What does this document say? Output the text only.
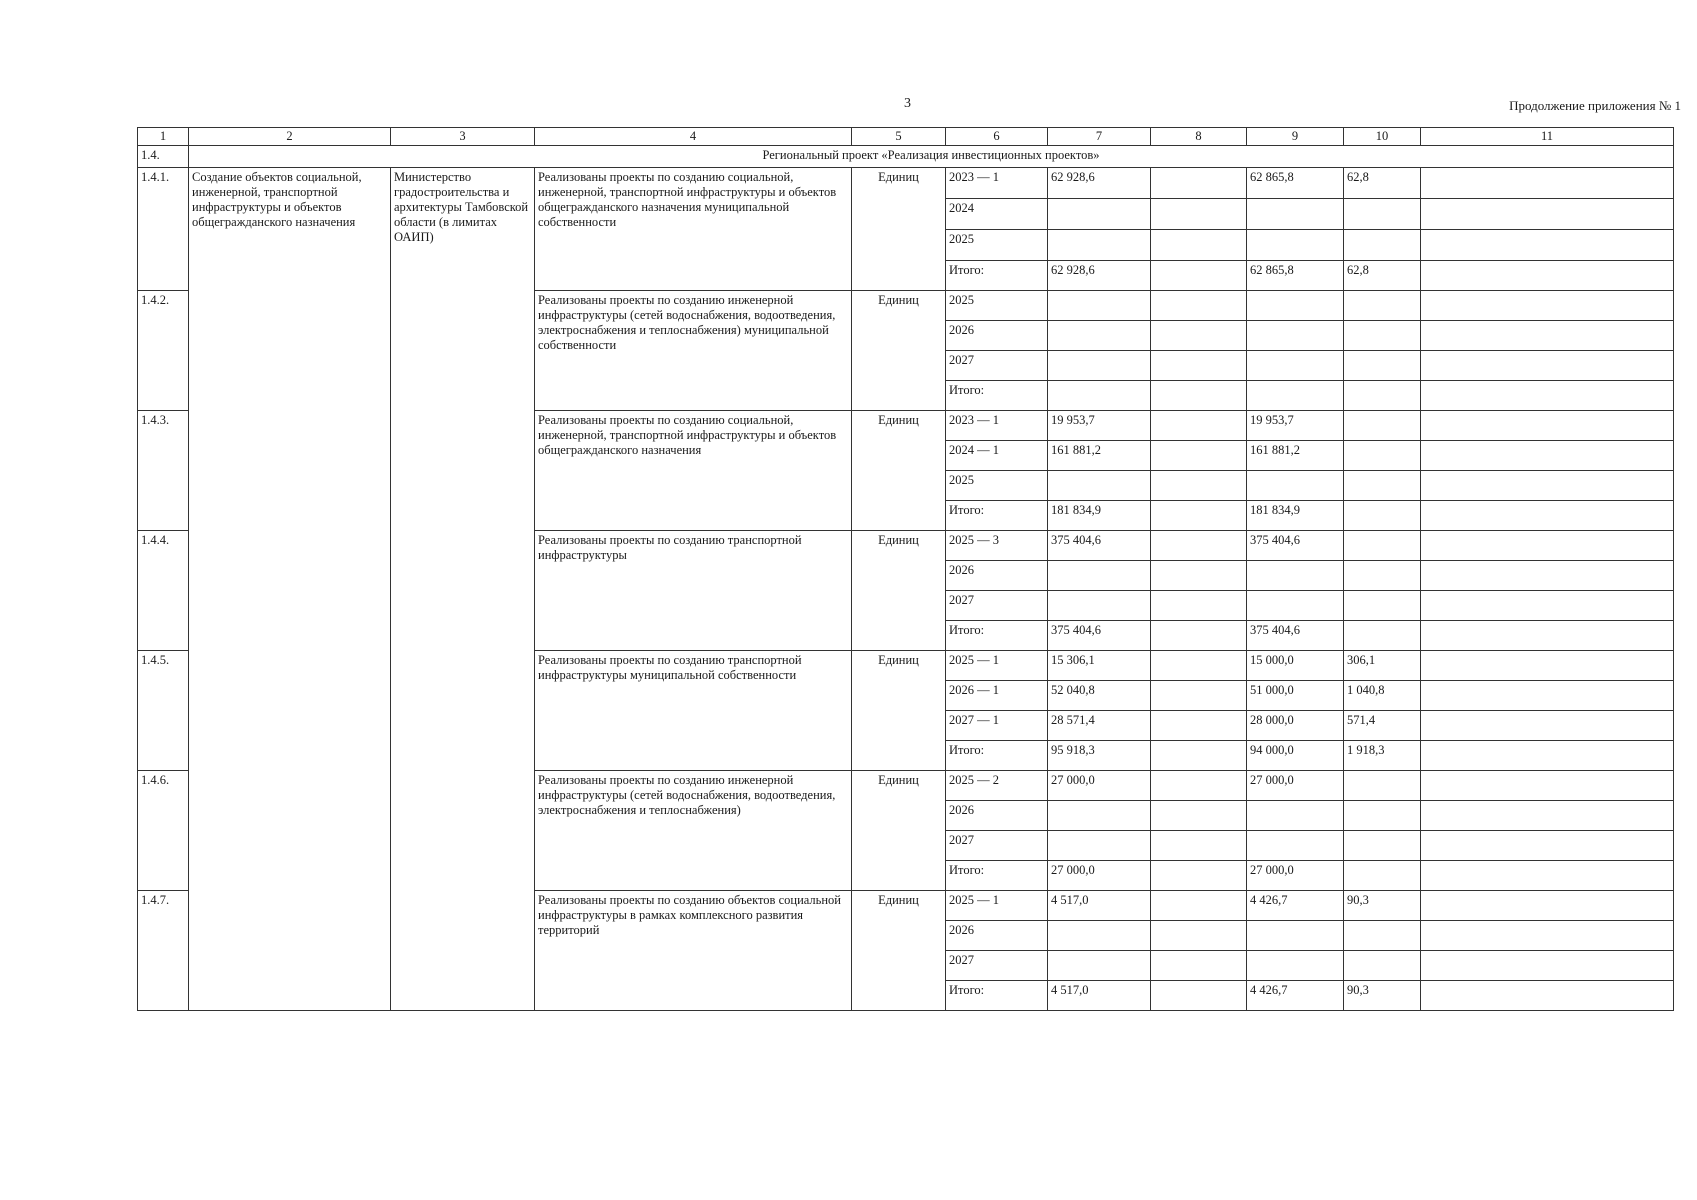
3	Продолжение приложения № 1
1	2	3	4	5	6	7	8	9	10	11
1.4.	Региональный проект «Реализация инвестиционных проектов»									
1.4.1.	Создание объектов социальной, инженерной, транспортной инфраструктуры и объектов общегражданского назначения	Министерство градостроительства и архитектуры Тамбовской области (в лимитах ОАИП)	Реализованы проекты по созданию социальной, инженерной, транспортной инфраструктуры и объектов общегражданского назначения муниципальной собственности	Единиц	2023 — 1	62 928,6		62 865,8	62,8	
					2024					
					2025					
					Итого:	62 928,6		62 865,8	62,8	
1.4.2.			Реализованы проекты по созданию инженерной инфраструктуры (сетей водоснабжения, водоотведения, электроснабжения и теплоснабжения) муниципальной собственности	Единиц	2025					
					2026					
					2027					
					Итого:					
1.4.3.			Реализованы проекты по созданию социальной, инженерной, транспортной инфраструктуры и объектов общегражданского назначения	Единиц	2023 — 1	19 953,7		19 953,7		
					2024 — 1	161 881,2		161 881,2		
					2025					
					Итого:	181 834,9		181 834,9		
1.4.4.			Реализованы проекты по созданию транспортной инфраструктуры	Единиц	2025 — 3	375 404,6		375 404,6		
					2026					
					2027					
					Итого:	375 404,6		375 404,6		
1.4.5.			Реализованы проекты по созданию транспортной инфраструктуры муниципальной собственности	Единиц	2025 — 1	15 306,1		15 000,0	306,1	
					2026 — 1	52 040,8		51 000,0	1 040,8	
					2027 — 1	28 571,4		28 000,0	571,4	
					Итого:	95 918,3		94 000,0	1 918,3	
1.4.6.			Реализованы проекты по созданию инженерной инфраструктуры (сетей водоснабжения, водоотведения, электроснабжения и теплоснабжения)	Единиц	2025 — 2	27 000,0		27 000,0		
					2026					
					2027					
					Итого:	27 000,0		27 000,0		
1.4.7.			Реализованы проекты по созданию объектов социальной инфраструктуры в рамках комплексного развития территорий	Единиц	2025 — 1	4 517,0		4 426,7	90,3	
					2026					
					2027					
					Итого:	4 517,0		4 426,7	90,3	
